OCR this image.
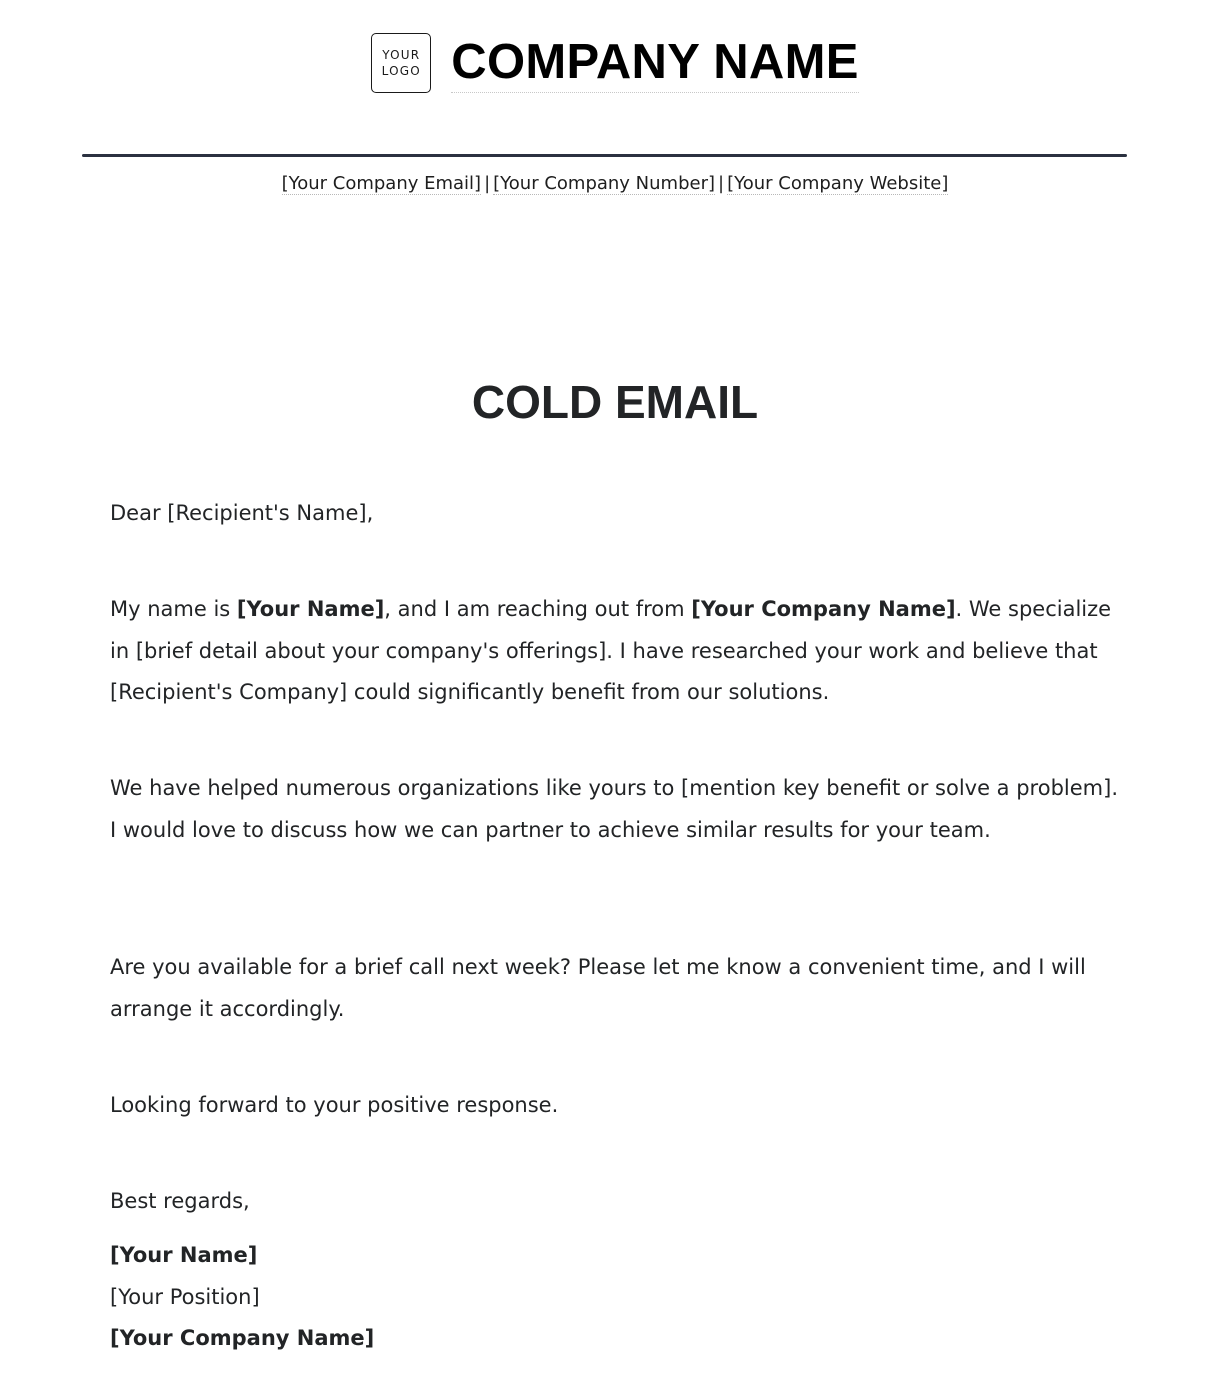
YOUR
LOGO COMPANY NAME
[Your Company Email] | [Your Company Number] | [Your Company Website]
COLD EMAIL

Dear [Recipient's Name],

My name is [Your Name], and I am reaching out from [Your Company Name]. We specialize in [brief detail about your company's offerings]. I have researched your work and believe that [Recipient's Company] could significantly benefit from our solutions.

We have helped numerous organizations like yours to [mention key benefit or solve a problem]. I would love to discuss how we can partner to achieve similar results for your team.

Are you available for a brief call next week? Please let me know a convenient time, and I will arrange it accordingly.

Looking forward to your positive response.

Best regards,

[Your Name]
[Your Position]
[Your Company Name]
